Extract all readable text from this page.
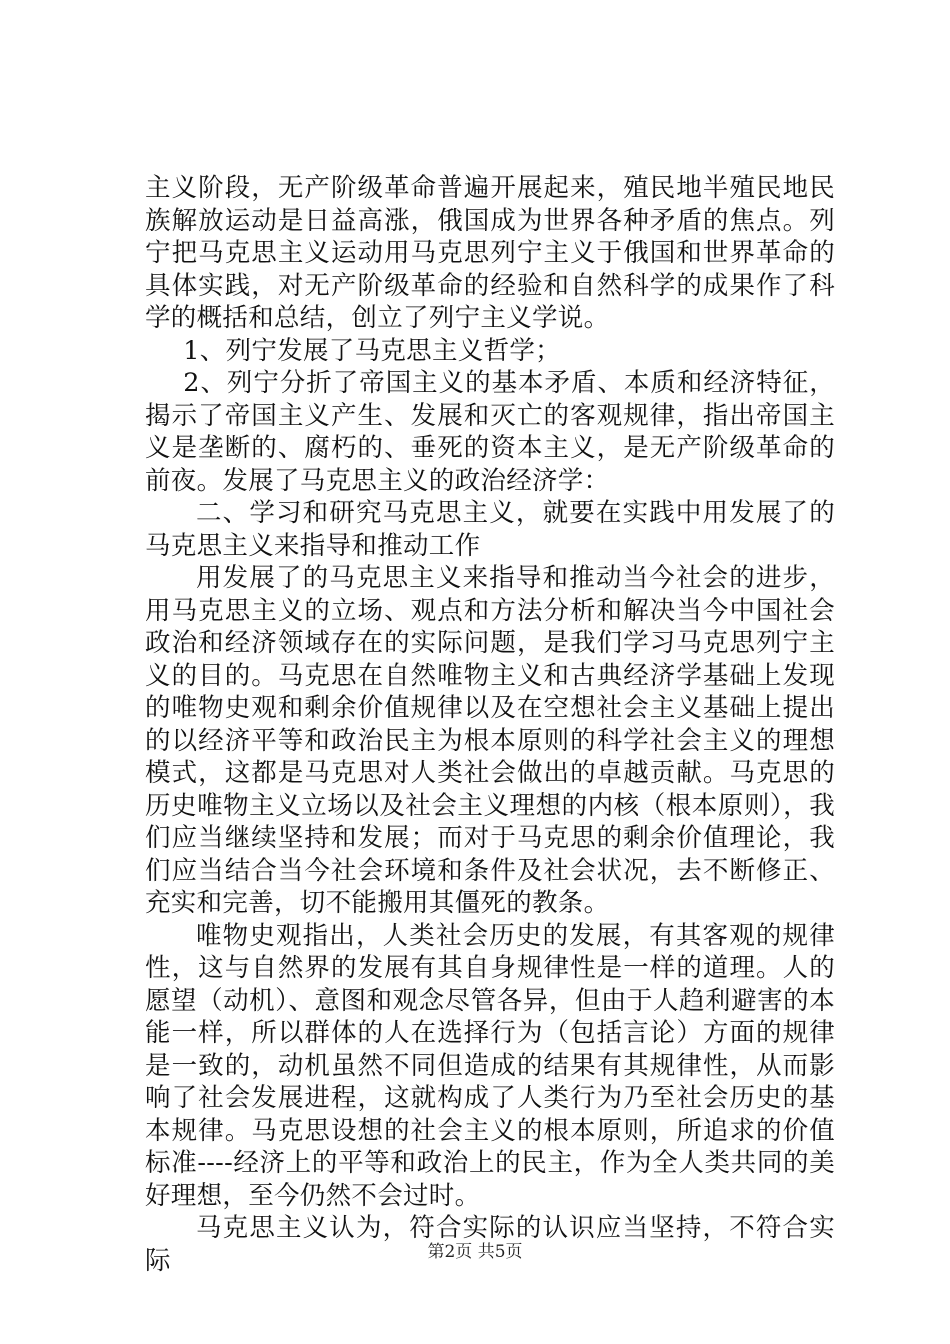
主义阶段，无产阶级革命普遍开展起来，殖民地半殖民地民族解放运动是日益高涨，俄国成为世界各种矛盾的焦点。列宁把马克思主义运动用马克思列宁主义于俄国和世界革命的具体实践，对无产阶级革命的经验和自然科学的成果作了科学的概括和总结，创立了列宁主义学说。

1、列宁发展了马克思主义哲学；

2、列宁分折了帝国主义的基本矛盾、本质和经济特征，揭示了帝国主义产生、发展和灭亡的客观规律，指出帝国主义是垄断的、腐朽的、垂死的资本主义，是无产阶级革命的前夜。发展了马克思主义的政治经济学：

二、学习和研究马克思主义，就要在实践中用发展了的马克思主义来指导和推动工作

用发展了的马克思主义来指导和推动当今社会的进步，用马克思主义的立场、观点和方法分析和解决当今中国社会政治和经济领域存在的实际问题，是我们学习马克思列宁主义的目的。马克思在自然唯物主义和古典经济学基础上发现的唯物史观和剩余价值规律以及在空想社会主义基础上提出的以经济平等和政治民主为根本原则的科学社会主义的理想模式，这都是马克思对人类社会做出的卓越贡献。马克思的历史唯物主义立场以及社会主义理想的内核（根本原则），我们应当继续坚持和发展；而对于马克思的剩余价值理论，我们应当结合当今社会环境和条件及社会状况，去不断修正、充实和完善，切不能搬用其僵死的教条。

唯物史观指出，人类社会历史的发展，有其客观的规律性，这与自然界的发展有其自身规律性是一样的道理。人的愿望（动机）、意图和观念尽管各异，但由于人趋利避害的本能一样，所以群体的人在选择行为（包括言论）方面的规律是一致的，动机虽然不同但造成的结果有其规律性，从而影响了社会发展进程，这就构成了人类行为乃至社会历史的基本规律。马克思设想的社会主义的根本原则，所追求的价值标准----经济上的平等和政治上的民主，作为全人类共同的美好理想，至今仍然不会过时。

马克思主义认为，符合实际的认识应当坚持，不符合实际	第2页 共5页
